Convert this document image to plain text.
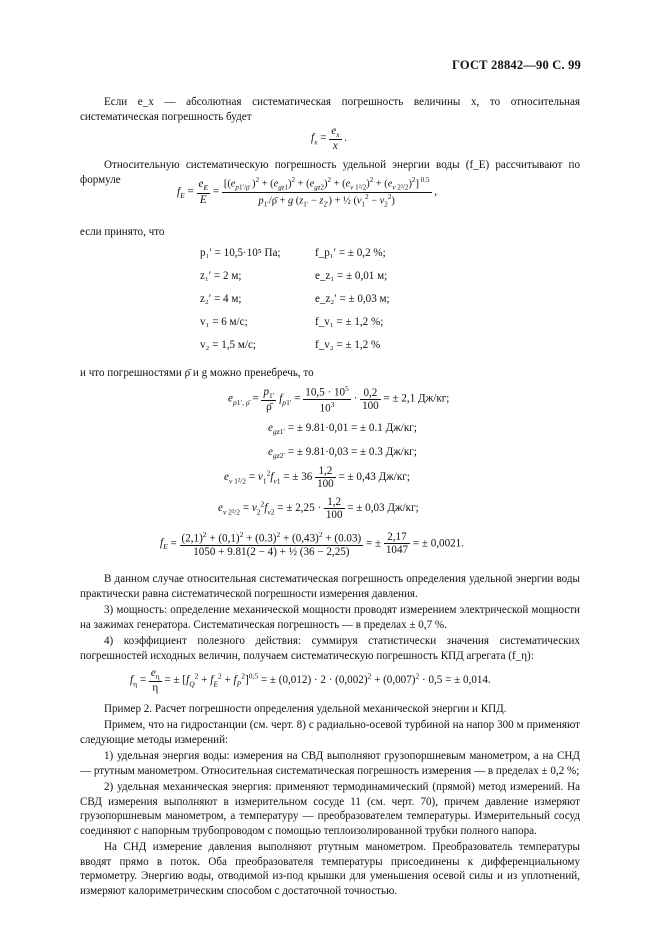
ГОСТ 28842—90 С. 99
Если e_x — абсолютная систематическая погрешность величины x, то относительная систематическая погрешность будет
$f_x = \frac{e_x}{x}$ .
Относительную систематическую погрешность удельной энергии воды (f_E) рассчитывают по формуле
$f_E = \frac{e_E}{E}$ =
[($e_{p1'/\rhō}$ )$^2 + (e_{gz1})^2 + (e_{gz2})^2 + (e_{v 1^2/2})^2 + (e_{v 2^2/2})^2$] $^{0.5}$
$p_{1'}/\rhō + g$ $(z_{1'} - z_{2'})$ + ½ $(v_1^2 - v_2^2)$
,
если принято, что
p₁′ = 10,5·10⁵ Па;	f_p₁′ = ± 0,2 %;
z₁′ = 2 м;	e_z₁ = ± 0,01 м;
z₂′ = 4 м;	e_z₂′ = ± 0,03 м;
v₁ = 6 м/с;	f_v₁ = ± 1,2 %;
v₂ = 1,5 м/с;	f_v₂ = ± 1,2 %
и что погрешностями ρ̄ и g можно пренебречь, то
$e_{p1', \rhō} = \frac{p_{1'}}{\rhō} f_{p1'} = \frac{10,5 \cdot 10^5}{10^3} \cdot \frac{0,2}{100}$ = ± 2,1 Дж/кг;
$e_{gz1'}$ = ± 9.81·0,01 = ± 0.1 Дж/кг;
$e_{gz2'}$ = ± 9.81·0,03 = ± 0.3 Дж/кг;
$e_{v 1^2/2} = v_1^2f_{v1}$ = ± $36 \frac{1,2}{100}$ = ± 0,43 Дж/кг;
$e_{v 2^2/2} = v_2^2f_{v2}$ = ± $2,25 \cdot \frac{1,2}{100}$ = ± 0,03 Дж/кг;
$f_E = \frac{(2,1)^2 + (0,1)^2 + (0.3)^2 + (0,43)^2 + (0.03)}{\text{1050 + 9.81(2 − 4) + ½ (36 − 2,25)}}$ = ± $\frac{2,17}{1047}$ = ± 0,0021.
В данном случае относительная систематическая погрешность определения удельной энергии воды практически равна систематической погрешности измерения давления.
3) мощность: определение механической мощности проводят измерением электрической мощности на зажимах генератора. Систематическая погрешность — в пределах ± 0,7 %.
4) коэффициент полезного действия: суммируя статистически значения систематических погрешностей исходных величин, получаем систематическую погрешность КПД агрегата (f_η):
$f_\eta = \frac{e_\eta}{\eta}$ = ± $[f_Q^2 + f_E^2 + f_P^2]^{0,5}$ = ± $(0,012) \cdot 2 \cdot (0,002)^2 + (0,007)^2 \cdot 0,5$ = ± 0,014.
Пример 2. Расчет погрешности определения удельной механической энергии и КПД.
Примем, что на гидростанции (см. черт. 8) с радиально-осевой турбиной на напор 300 м применяют следующие методы измерений:
1) удельная энергия воды: измерения на СВД выполняют грузопоршневым манометром, а на СНД — ртутным манометром. Относительная систематическая погрешность измерения — в пределах ± 0,2 %;
2) удельная механическая энергия: применяют термодинамический (прямой) метод измерений. На СВД измерения выполняют в измерительном сосуде 11 (см. черт. 70), причем давление измеряют грузопоршневым манометром, а температуру — преобразователем температуры. Измерительный сосуд соединяют с напорным трубопроводом с помощью теплоизолированной трубки полного напора.
На СНД измерение давления выполняют ртутным манометром. Преобразователь температуры вводят прямо в поток. Оба преобразователя температуры присоединены к дифференциальному термометру. Энергию воды, отводимой из-под крышки для уменьшения осевой силы и из уплотнений, измеряют калориметрическим способом с достаточной точностью.
